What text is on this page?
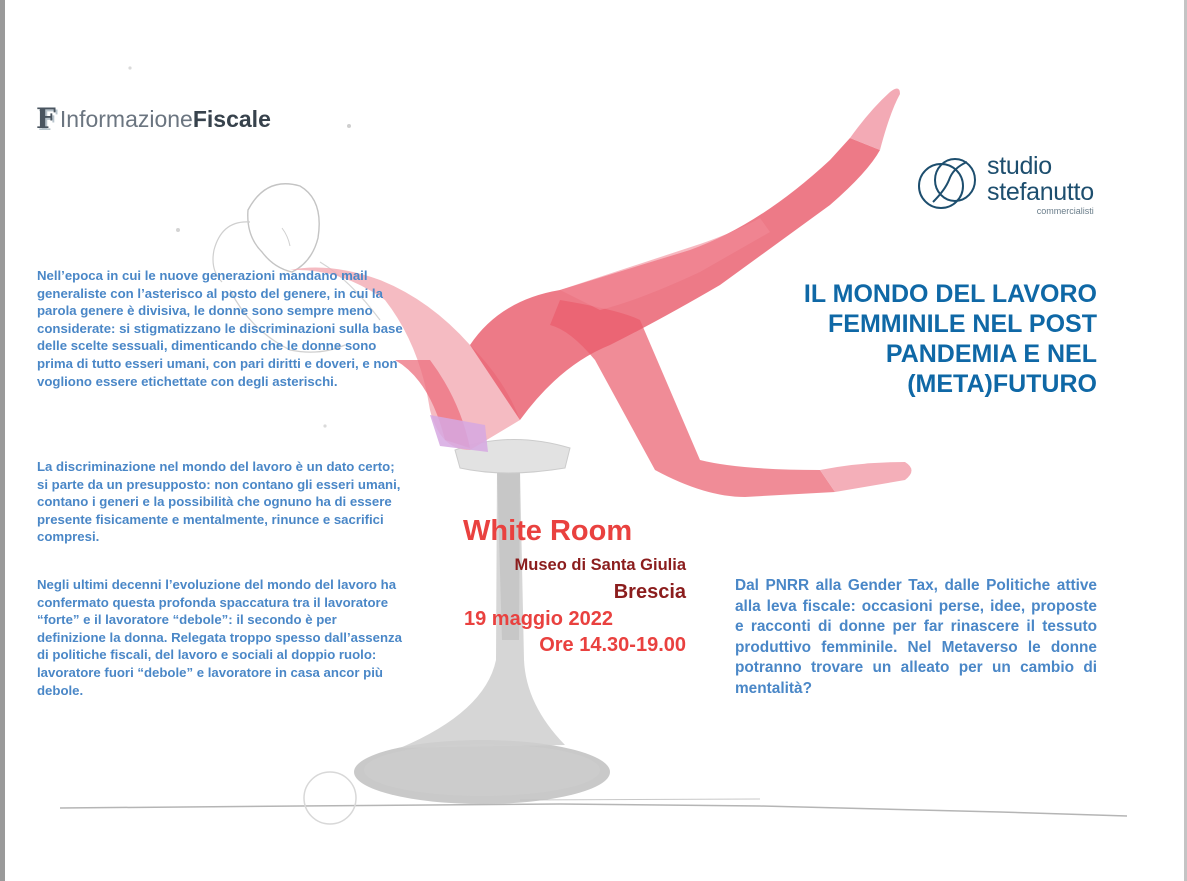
F Informazione Fiscale
studio
stefanutto
commercialisti

Nell’epoca in cui le nuove generazioni mandano mail generaliste con l’asterisco al posto del genere, in cui la parola genere è divisiva, le donne sono sempre meno considerate: si stigmatizzano le discriminazioni sulla base delle scelte sessuali, dimenticando che le donne sono prima di tutto esseri umani, con pari diritti e doveri, e non vogliono essere etichettate con degli asterischi.

La discriminazione nel mondo del lavoro è un dato certo; si parte da un presupposto: non contano gli esseri umani, contano i generi e la possibilità che ognuno ha di essere presente fisicamente e mentalmente, rinunce e sacrifici compresi.

Negli ultimi decenni l’evoluzione del mondo del lavoro ha confermato questa profonda spaccatura tra il lavoratore “forte” e il lavoratore “debole”: il secondo è per definizione la donna. Relegata troppo spesso dall’assenza di politiche fiscali, del lavoro e sociali al doppio ruolo: lavoratore fuori “debole” e lavoratore in casa ancor più debole.

IL MONDO DEL LAVORO FEMMINILE NEL POST PANDEMIA E NEL (META)FUTURO

Dal PNRR alla Gender Tax, dalle Politiche attive alla leva fiscale: occasioni perse, idee, proposte e racconti di donne per far rinascere il tessuto produttivo femminile. Nel Metaverso le donne potranno trovare un alleato per un cambio di mentalità?

White Room
Museo di Santa Giulia
Brescia
19 maggio 2022
Ore 14.30-19.00
